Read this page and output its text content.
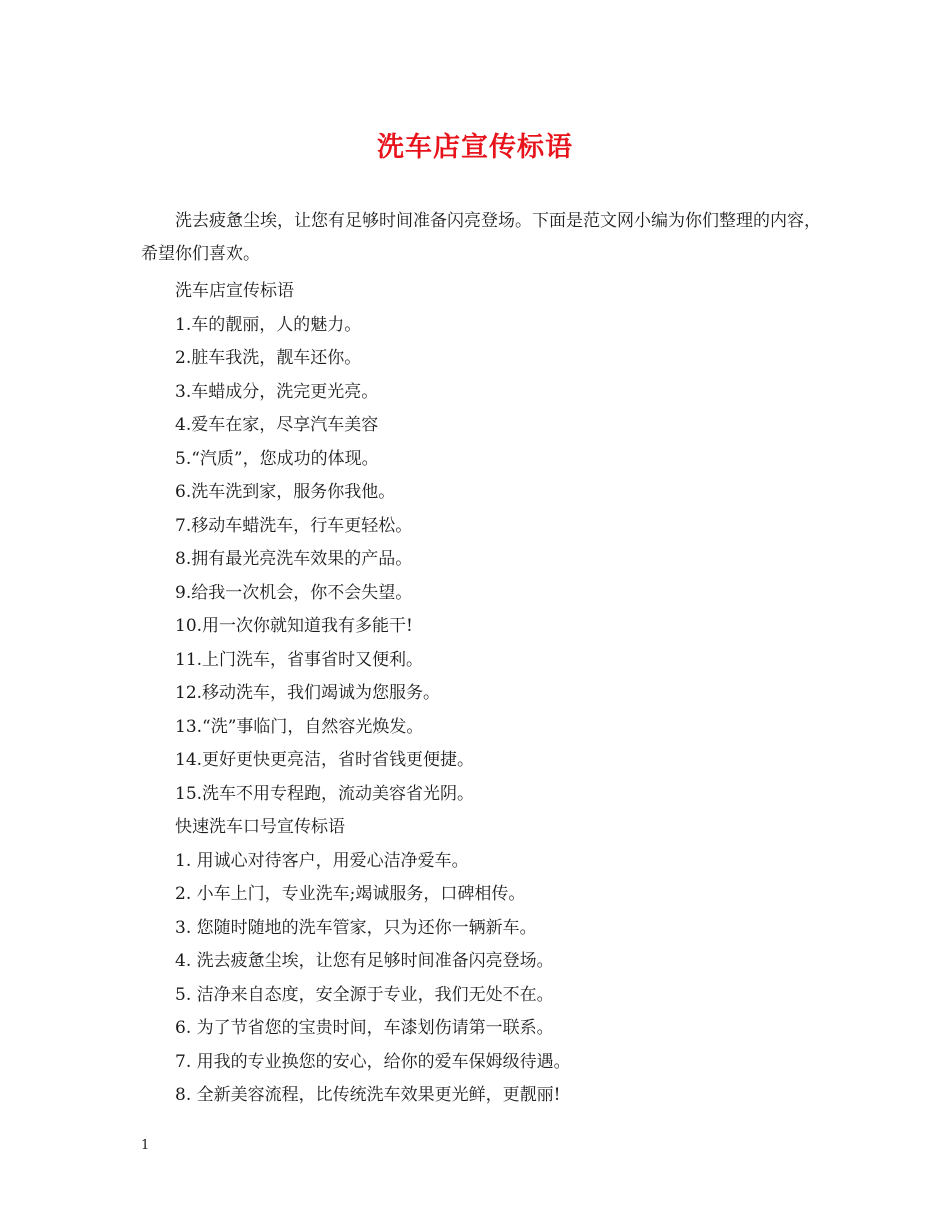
洗车店宣传标语

洗去疲惫尘埃，让您有足够时间准备闪亮登场。下面是范文网小编为你们整理的内容，希望你们喜欢。

洗车店宣传标语

1.车的靓丽，人的魅力。

2.脏车我洗，靓车还你。

3.车蜡成分，洗完更光亮。

4.爱车在家，尽享汽车美容

5.“汽质”，您成功的体现。

6.洗车洗到家，服务你我他。

7.移动车蜡洗车，行车更轻松。

8.拥有最光亮洗车效果的产品。

9.给我一次机会，你不会失望。

10.用一次你就知道我有多能干!

11.上门洗车，省事省时又便利。

12.移动洗车，我们竭诚为您服务。

13.“洗”事临门，自然容光焕发。

14.更好更快更亮洁，省时省钱更便捷。

15.洗车不用专程跑，流动美容省光阴。

快速洗车口号宣传标语

1. 用诚心对待客户，用爱心洁净爱车。

2. 小车上门，专业洗车;竭诚服务，口碑相传。

3. 您随时随地的洗车管家，只为还你一辆新车。

4. 洗去疲惫尘埃，让您有足够时间准备闪亮登场。

5. 洁净来自态度，安全源于专业，我们无处不在。

6. 为了节省您的宝贵时间，车漆划伤请第一联系。

7. 用我的专业换您的安心，给你的爱车保姆级待遇。

8. 全新美容流程，比传统洗车效果更光鲜，更靓丽!

1
